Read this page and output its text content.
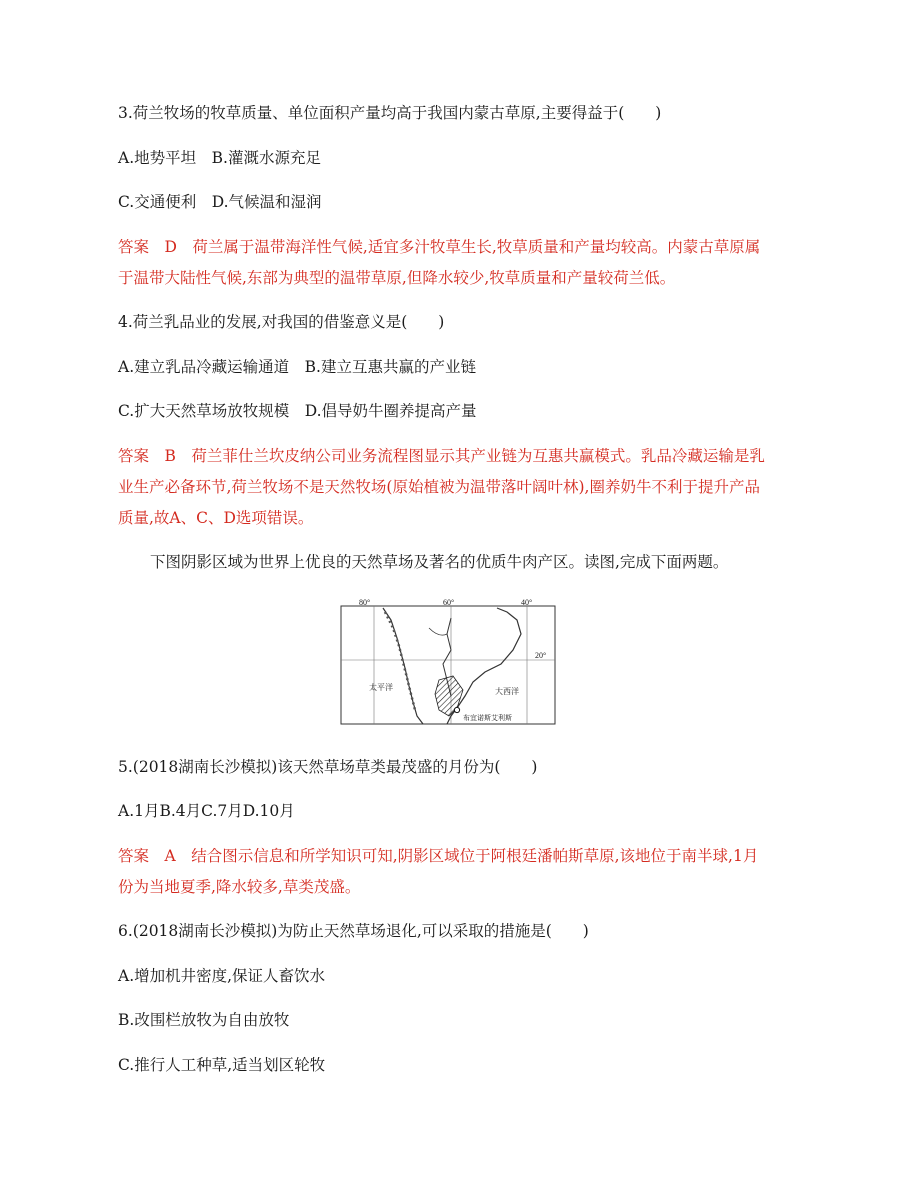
3.荷兰牧场的牧草质量、单位面积产量均高于我国内蒙古草原,主要得益于(　　)
A.地势平坦　B.灌溉水源充足
C.交通便利　D.气候温和湿润
答案　D　荷兰属于温带海洋性气候,适宜多汁牧草生长,牧草质量和产量均较高。内蒙古草原属
于温带大陆性气候,东部为典型的温带草原,但降水较少,牧草质量和产量较荷兰低。
4.荷兰乳品业的发展,对我国的借鉴意义是(　　)
A.建立乳品冷藏运输通道　B.建立互惠共赢的产业链
C.扩大天然草场放牧规模　D.倡导奶牛圈养提高产量
答案　B　荷兰菲仕兰坎皮纳公司业务流程图显示其产业链为互惠共赢模式。乳品冷藏运输是乳
业生产必备环节,荷兰牧场不是天然牧场(原始植被为温带落叶阔叶林),圈养奶牛不利于提升产品
质量,故A、C、D选项错误。
下图阴影区域为世界上优良的天然草场及著名的优质牛肉产区。读图,完成下面两题。
80°	60°	40°
20°
太平洋	大西洋
布宜诺斯艾利斯
5.(2018湖南长沙模拟)该天然草场草类最茂盛的月份为(　　)
A.1月B.4月C.7月D.10月
答案　A　结合图示信息和所学知识可知,阴影区域位于阿根廷潘帕斯草原,该地位于南半球,1月
份为当地夏季,降水较多,草类茂盛。
6.(2018湖南长沙模拟)为防止天然草场退化,可以采取的措施是(　　)
A.增加机井密度,保证人畜饮水
B.改围栏放牧为自由放牧
C.推行人工种草,适当划区轮牧
